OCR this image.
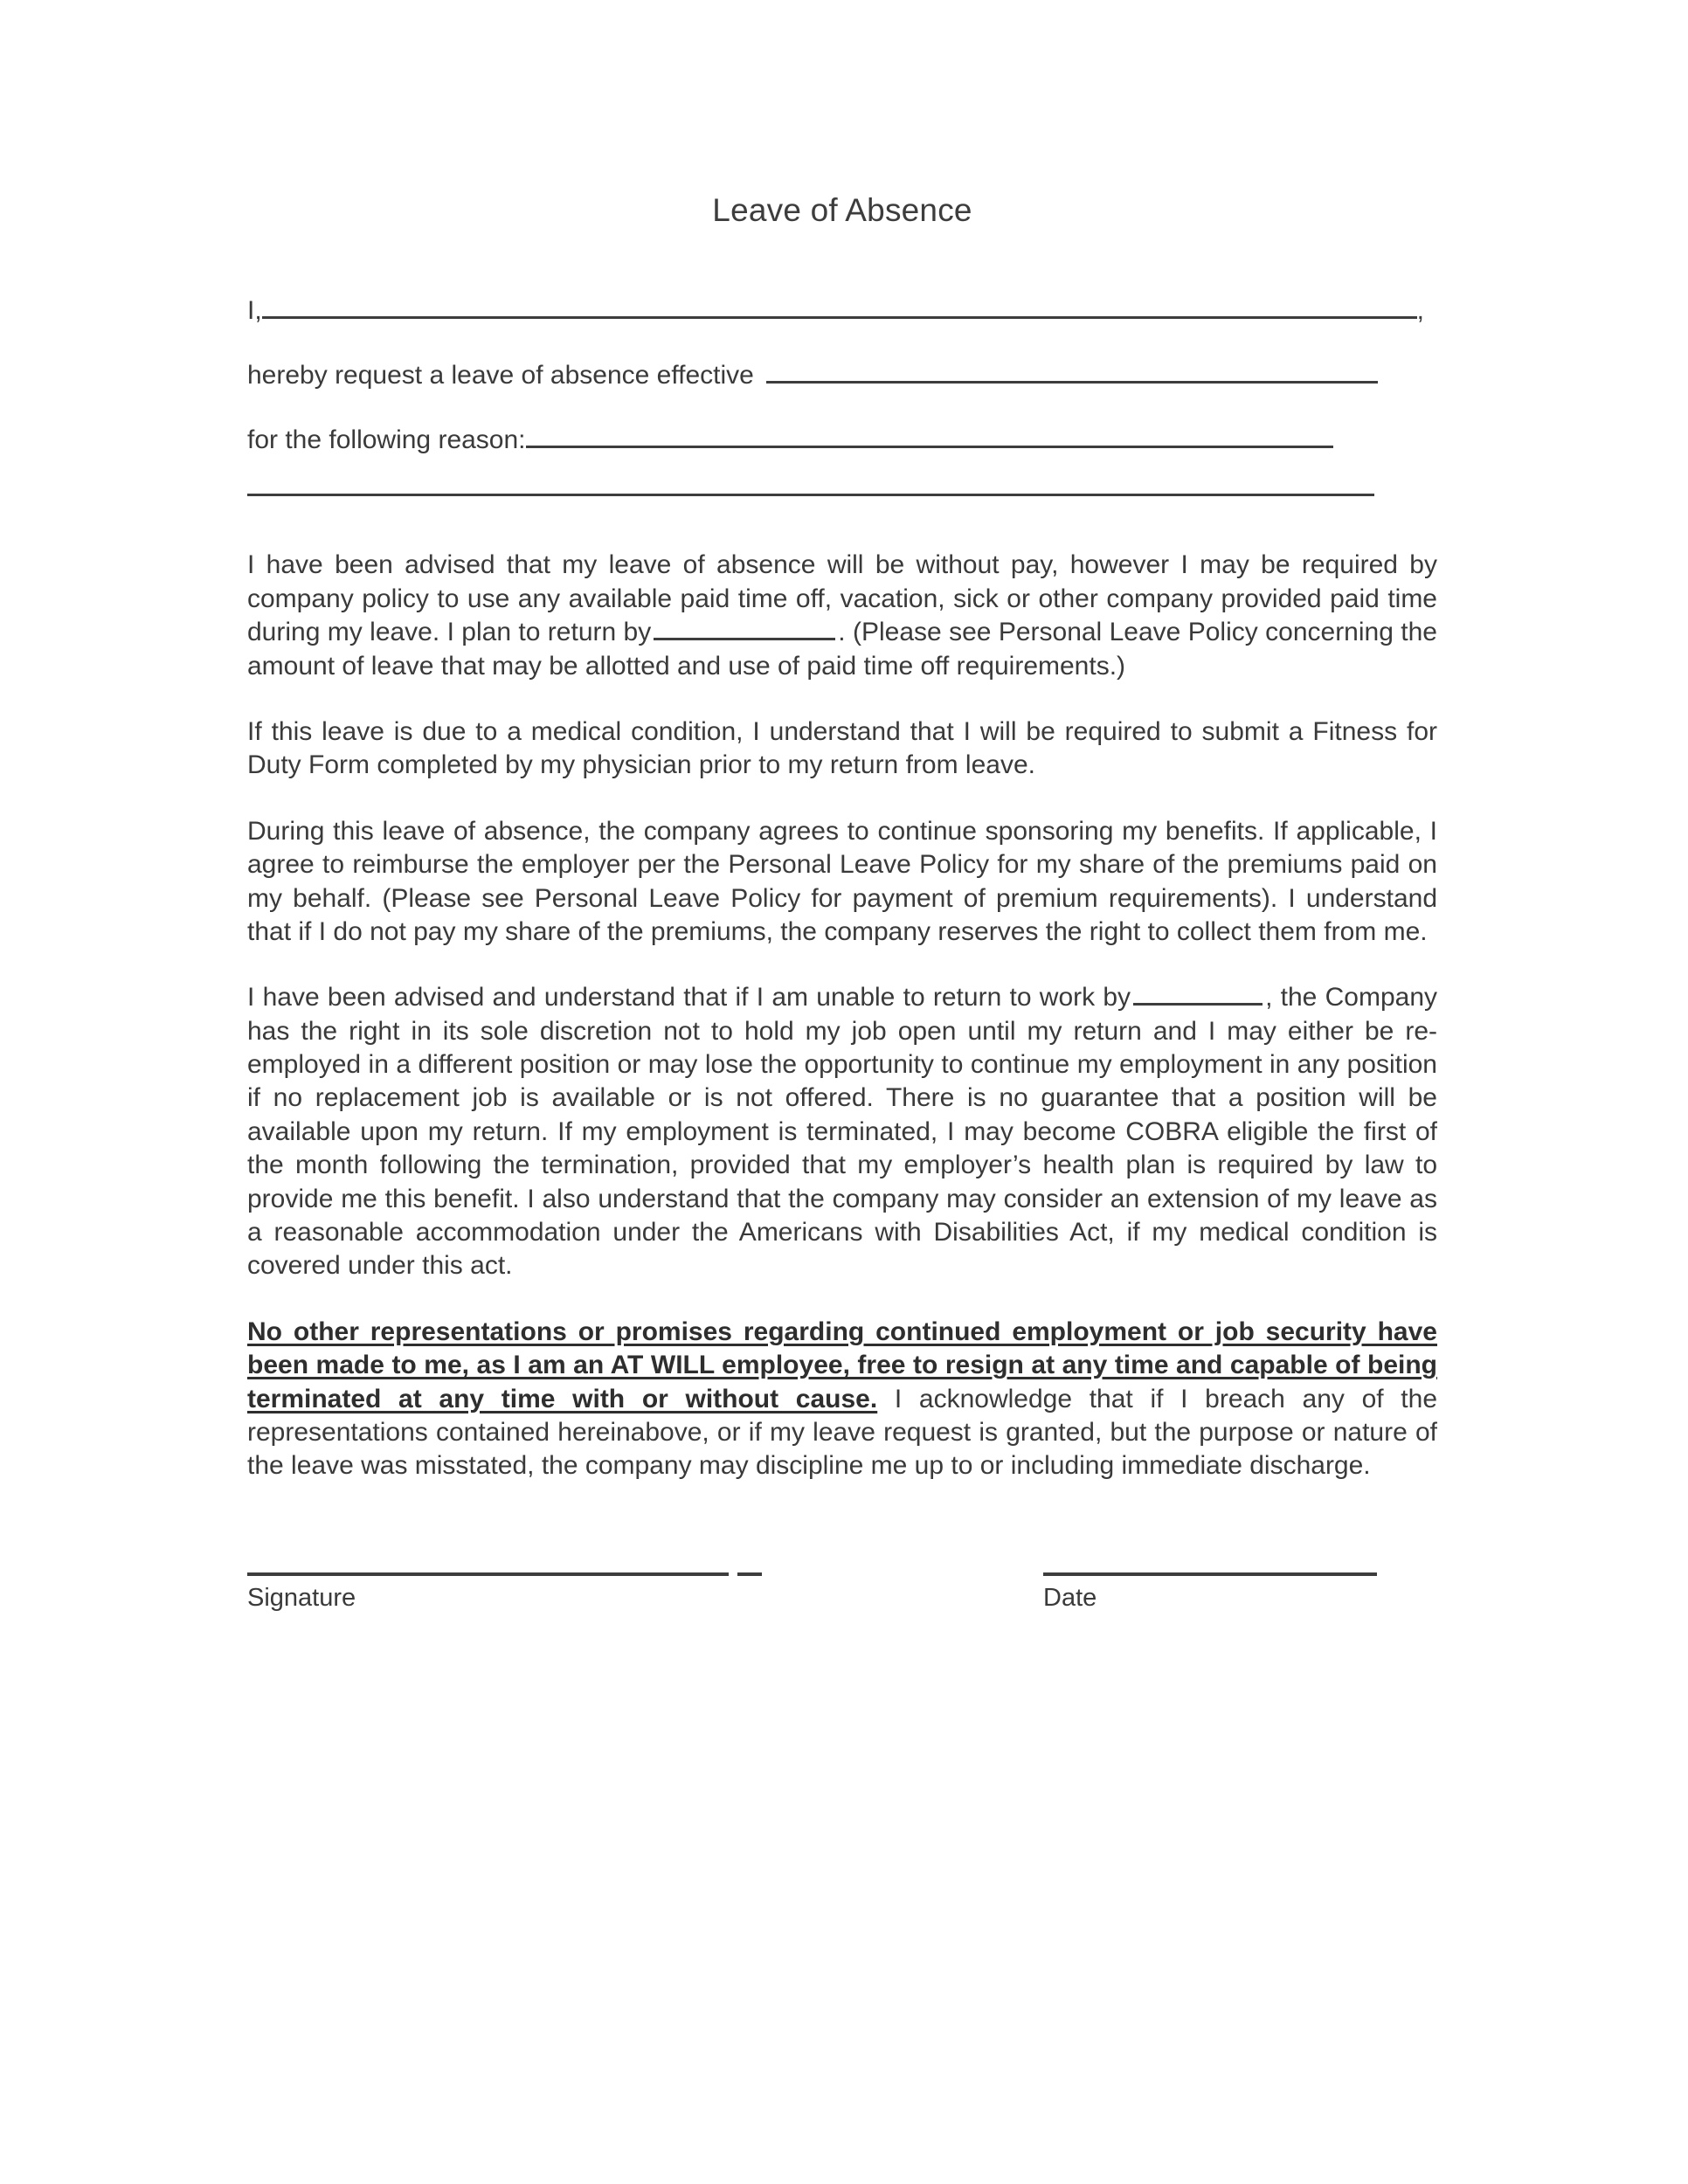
Leave of Absence
I,	,
hereby request a leave of absence effective
for the following reason:

I have been advised that my leave of absence will be without pay, however I may be required by company policy to use any available paid time off, vacation, sick or other company provided paid time during my leave. I plan to return by	. (Please see Personal Leave Policy concerning the amount of leave that may be allotted and use of paid time off requirements.)

If this leave is due to a medical condition, I understand that I will be required to submit a Fitness for Duty Form completed by my physician prior to my return from leave.

During this leave of absence, the company agrees to continue sponsoring my benefits. If applicable, I agree to reimburse the employer per the Personal Leave Policy for my share of the premiums paid on my behalf. (Please see Personal Leave Policy for payment of premium requirements). I understand that if I do not pay my share of the premiums, the company reserves the right to collect them from me.

I have been advised and understand that if I am unable to return to work by	, the Company has the right in its sole discretion not to hold my job open until my return and I may either be re-employed in a different position or may lose the opportunity to continue my employment in any position if no replacement job is available or is not offered. There is no guarantee that a position will be available upon my return. If my employment is terminated, I may become COBRA eligible the first of the month following the termination, provided that my employer’s health plan is required by law to provide me this benefit. I also understand that the company may consider an extension of my leave as a reasonable accommodation under the Americans with Disabilities Act, if my medical condition is covered under this act.

No other representations or promises regarding continued employment or job security have been made to me, as I am an AT WILL employee, free to resign at any time and capable of being terminated at any time with or without cause. I acknowledge that if I breach any of the representations contained hereinabove, or if my leave request is granted, but the purpose or nature of the leave was misstated, the company may discipline me up to or including immediate discharge.

Signature	Date
